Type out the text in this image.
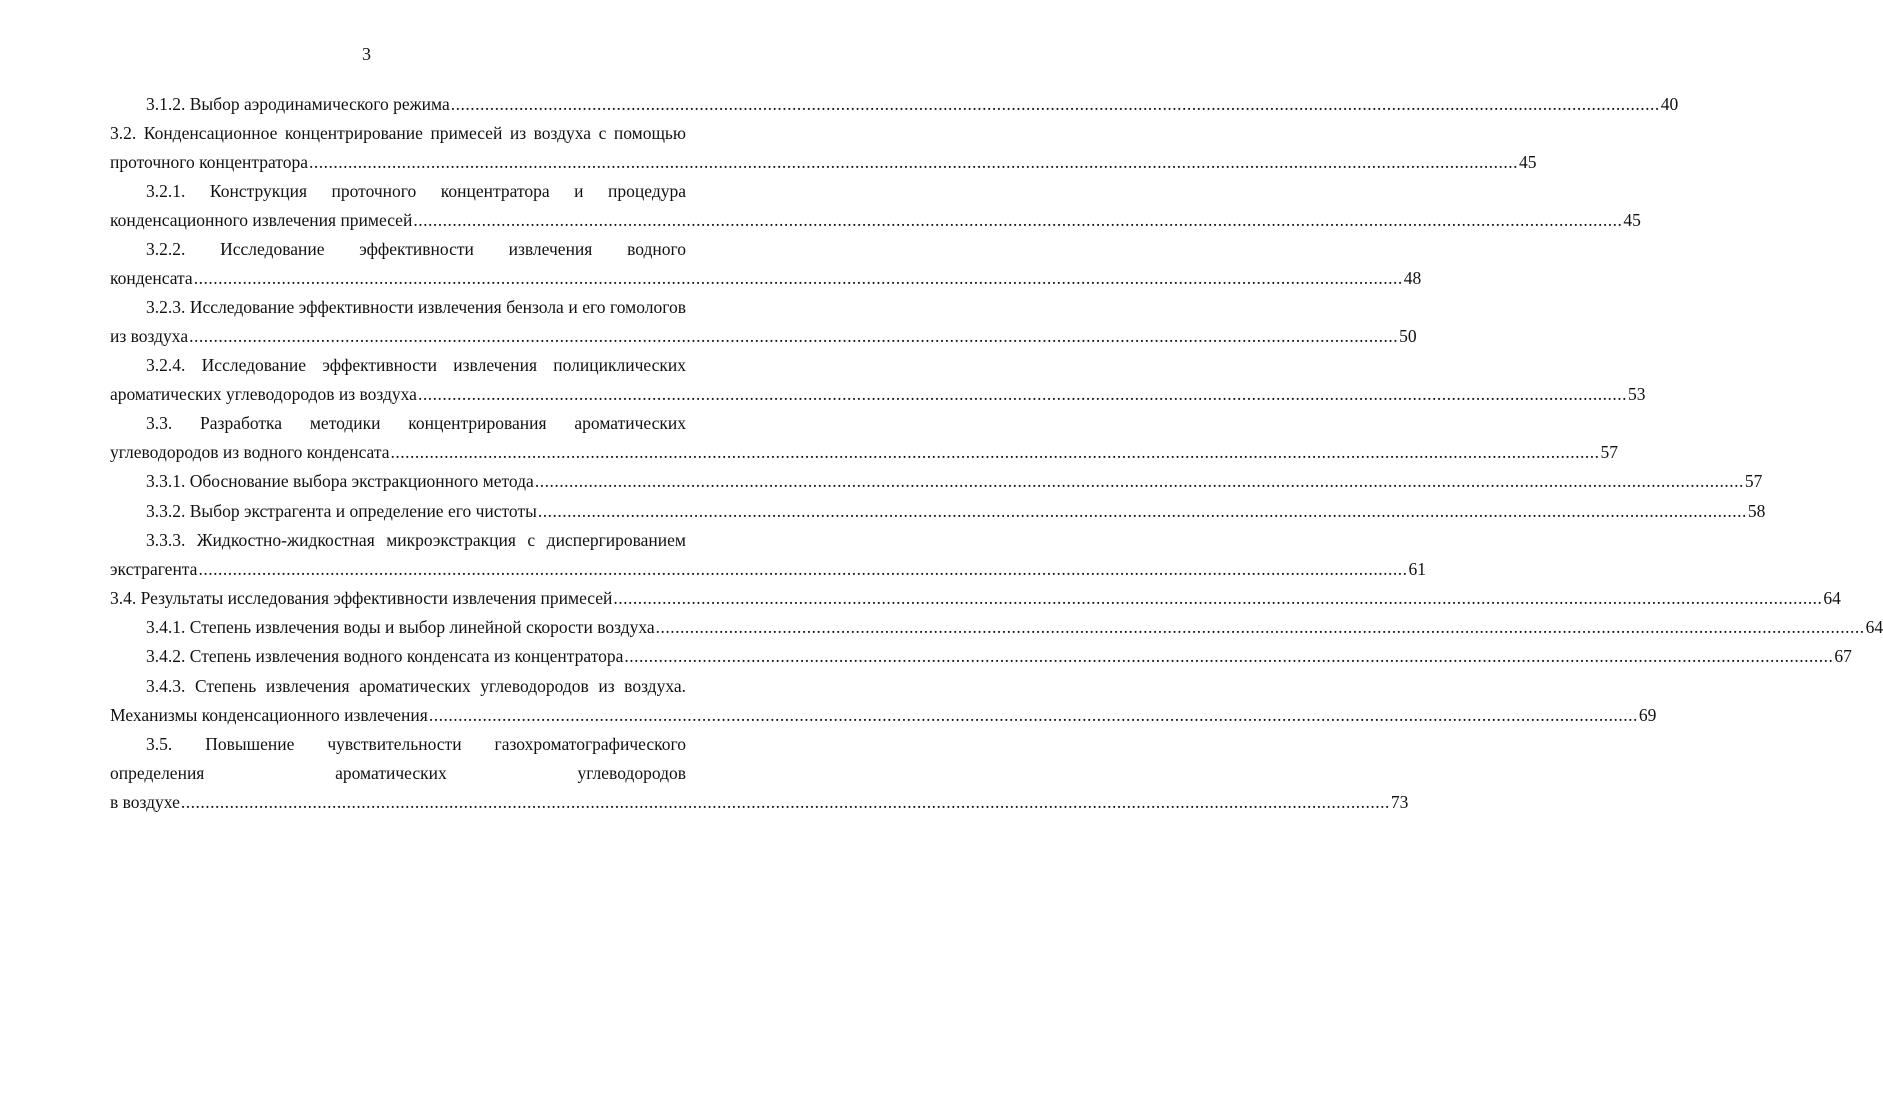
3
3.1.2. Выбор аэродинамического режима .....	40
3.2. Конденсационное концентрирование примесей из воздуха с помощью
проточного концентратора .....	45
3.2.1. Конструкция проточного концентратора и процедура
конденсационного извлечения примесей .....	45
3.2.2. Исследование эффективности извлечения водного
конденсата .....	48
3.2.3. Исследование эффективности извлечения бензола и его гомологов
из воздуха .....	50
3.2.4. Исследование эффективности извлечения полициклических
ароматических углеводородов из воздуха .....	53
3.3. Разработка методики концентрирования ароматических
углеводородов из водного конденсата .....	57
3.3.1. Обоснование выбора экстракционного метода .....	57
3.3.2. Выбор экстрагента и определение его чистоты .....	58
3.3.3. Жидкостно-жидкостная микроэкстракция с диспергированием
экстрагента .....	61
3.4. Результаты исследования эффективности извлечения примесей .....	64
3.4.1. Степень извлечения воды и выбор линейной скорости воздуха .....	64
3.4.2. Степень извлечения водного конденсата из концентратора .....	67
3.4.3. Степень извлечения ароматических углеводородов из воздуха.
Механизмы конденсационного извлечения .....	69
3.5. Повышение чувствительности газохроматографического
определения ароматических углеводородов
в воздухе .....	73
